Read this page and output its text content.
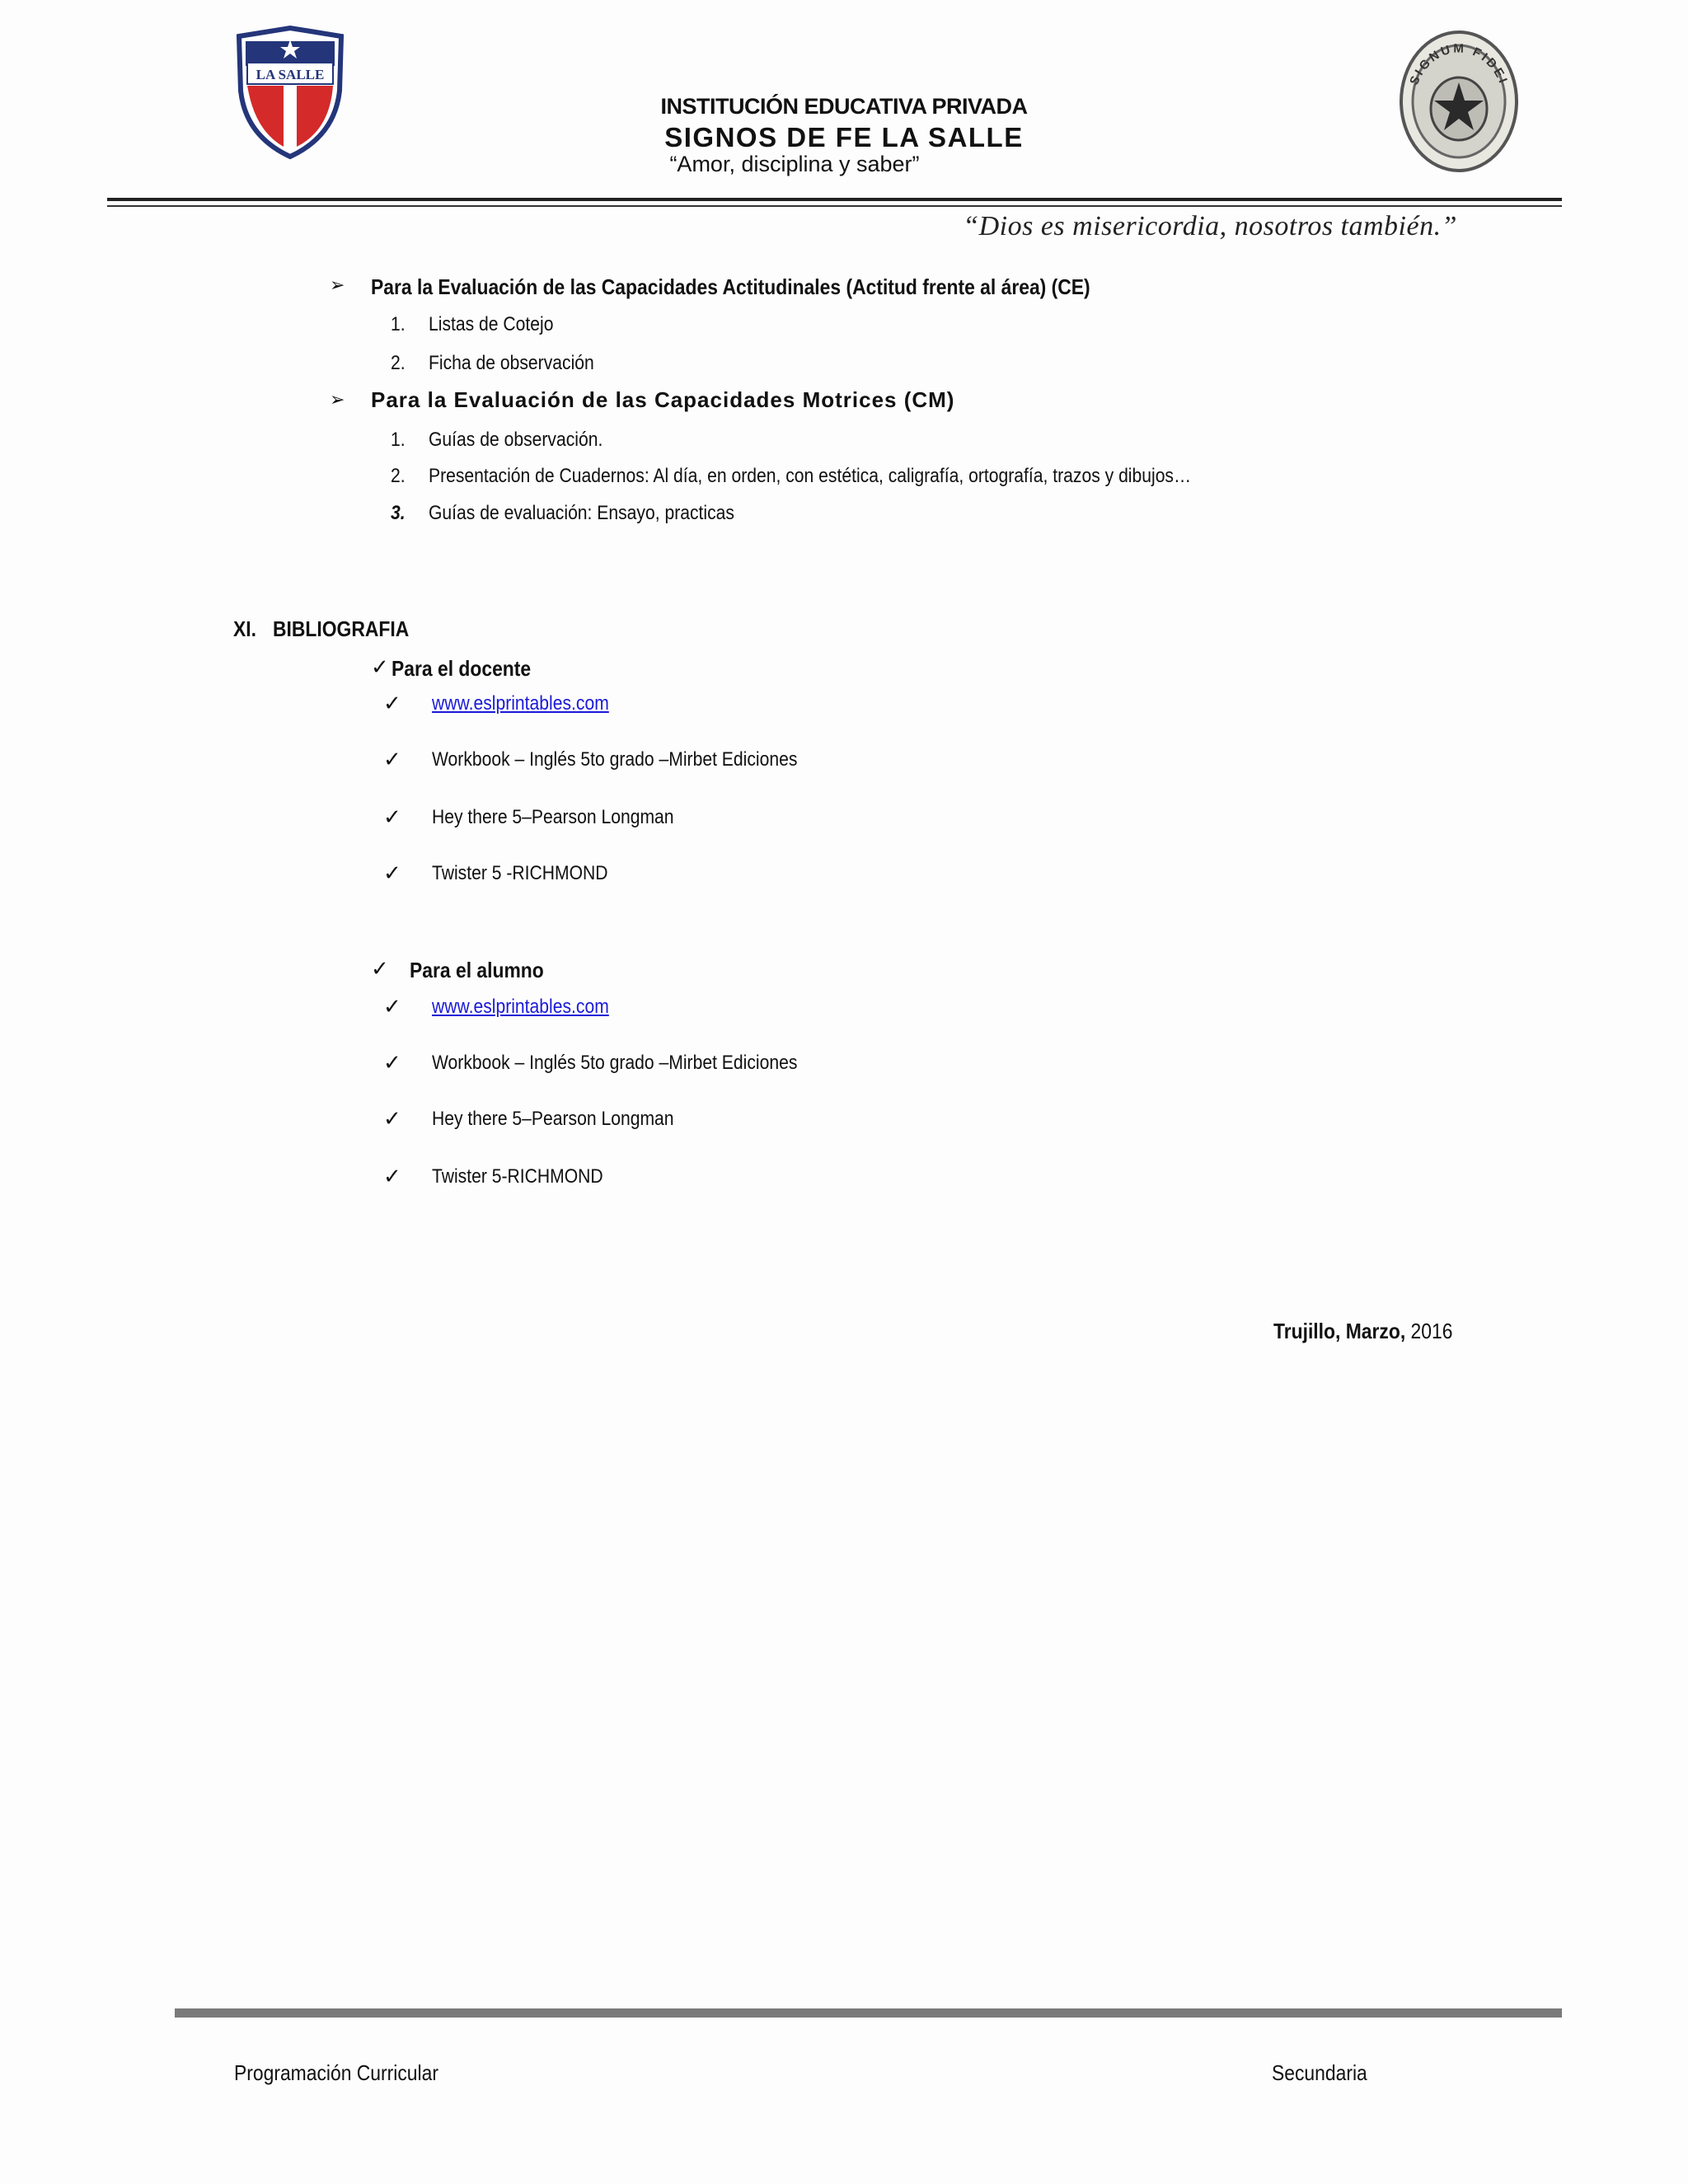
LA SALLE	SIGNUM FIDEI
INSTITUCIÓN EDUCATIVA PRIVADA
SIGNOS DE FE LA SALLE
“Amor, disciplina y saber”
“Dios es misericordia, nosotros también.”
➢ Para la Evaluación de las Capacidades Actitudinales (Actitud frente al área) (CE)
1. Listas de Cotejo
2. Ficha de observación
➢ Para la Evaluación de las Capacidades Motrices (CM)
1. Guías de observación.
2. Presentación de Cuadernos: Al día, en orden, con estética, caligrafía, ortografía, trazos y dibujos…
3. Guías de evaluación: Ensayo, practicas
XI. BIBLIOGRAFIA
✓ Para el docente
✓ www.eslprintables.com
✓ Workbook – Inglés 5to grado –Mirbet Ediciones
✓ Hey there 5–Pearson Longman
✓ Twister 5 -RICHMOND
✓ Para el alumno
✓ www.eslprintables.com
✓ Workbook – Inglés 5to grado –Mirbet Ediciones
✓ Hey there 5–Pearson Longman
✓ Twister 5-RICHMOND
Trujillo, Marzo, 2016
Programación Curricular	Secundaria
